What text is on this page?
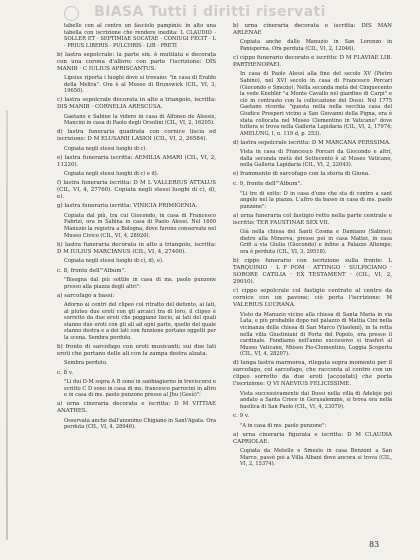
BIASA Tutti i diritti riservati

tabelle con al centro un fasciolo pampinis: in alto una tabella con iscrizione che rendere inedita: L CLAUDIO · SOLLER ET · SEPTIMIAE SOCATAE · CONIUGI FECIT · L · PRIUS LIBERIS · PULCHRIS · LIB · PRETI

b) lastra sepolcrale: la parte sin. è mutilata e decorata con una corona d'alloro; con parte l'iscrizione: DIS MANIB · C IULIUS APRISCANTUS.

Lipsius riporta i luoghi dove si trovano: "in casa di Eraldo della Meltra". Ora è al Museo di Brunswick (CIL, VI, 3, 19650).

c) lastra sepolcrale decorata in alto a triangolo, iscritta: DIS MANIB · CORNELIA ARESCUSA.

Gaetano e Sabine la videro in casa di Alfonso de Alessis, Mancini in casa di Paolo degli Orsolini (CIL, VI, 2, 16205).

d) lastra funeraria quadrata con cornice liscia ed iscrizione: D M ELUSANII LASIOI (CIL, VI, 2, 26584).

Copiata negli stessi luoghi di c).

e) lastra funeraria iscritta: AEMILIA AMARI (CIL, VI, 2, 11220).

Copiata negli stessi luoghi di c) e d).

f) lastra funeraria iscritta: D M L VALLERIUS ATTALUS (CIL, VI, 4, 27760). Copiata negli stessi luoghi di c), d), e).

g) lastra funeraria iscritta: VINICIA PRIMIGENIA.

Copiata dal più, tra cui Giocondo, in casa di Francesco Fabrizi, ora in Sabina in casa di Paolo Alessi. Nel 1600 Manuzio la registra a Bologna, dove furono conservate nel Museo Civico (CIL, VI, 4, 28920).

h) lastra funeraria decorata in alto a triangolo, iscritta: D M IULIUS MARCIANUS (CIL, VI, 4, 27400).

Copiata negli stessi luoghi di c), d), e).

c. 8, fronte dell'"Album".

"Bisogna dal più sottile in casa di ms. paolo punzone presso alla piazza degli altri":

a) sarcofago a bassi:

Adorno ai centri del clipeo col ritratto del defunto, ai lati, al pluteo due eroti con gli arcaici tra di loro, il clipeo è sorretto da due eroti che poggiano liscio, ai lati del quali stanno due eroti con gli ali ad ogni parte, quello del quale stanno destra e a dei lati con funzione portano oggetti per la scena. Sembra perduto.

b) fronte di sarcofago con eroti musicanti; sui due lati eroti che portano delle ali con la zampa destra alzata.

Sembra perduto.

c. 8 v.

"Li dui D·M sopra A B sono in sanbiagiorno in treviscorsi e scritto C D sono in casa di ms. francesco parrocini in altro e in casa di ms. paolo punzone presso al Jhu (Gesù)":

a) urna cineraria decorata e iscritta: D M VITTIAE ANATHES.

Osservata anche dall'anonimo Chigiano in Sant'Agata. Ora perduta (CIL, VI, 4, 28946).

b) urna cineraria decorata e iscritta: DIS MAN ARLENAE

Copiata anche dallo Manuzio in San Lorenzo in Panisperna. Ora perduta (CIL, VI, 2, 12046).

c) cippo funerario decorato e iscritto: D M FLAVIAE LIB. PARTHENOPAEI.

In casa di Paolo Alessi alla fine del secolo XV (Pietro Sabino), nel XVI secolo in casa di Francesco Porcari (Giocondo e Smezio). Nella seconda metà del Cinquecento la vede Knebler "a Monte Cavallo nel giardino di Carpi" e ciò in contrasto con la collocazione del Dossi. Nel 1775 Gaetano ricorda: "questa nella nella vecchia casa del Giudice Prosperi vicino a San Giovanni della Pigna, ora è stata collocata nel Museo Clementino in Vaticano" dove tuttora si trova nella Galleria Lapidaria (CIL, VI, 2, 17974; AMELUNG, I, n. 119 d, p. 253).

d) lastra sepolcrale iscritta: D M MARCANA PERSSIMA.

Vista in casa di Francesco Porcari da Giocondo e altri, dalla seconda metà del Settecento è al Museo Vaticano, nella Galleria Lapidaria (CIL, VI, 2, 22043).

e) frammento di sarcofago con la storia di Giona.

c. 9, fronte dell'"Album".

"Li tre di sotto: D in casa d'uno che sta di contro a sant angelo nel la piazza. L'altro da basso in casa di ms. paolo punzone":

a) urna funeraria col fastigio retto nella parte centrale e iscritto: TER FAUSTINAE SEX VII.

Già nella chiesa dei Santi Cosma e Damiano (Sabino); dietro alla Minerva, presso poi in casa Mattei, in casa Grifi a via Giulia (Giocondo) e infine a Palazzo Altemps; ora è perduta (CIL, VI, 3, 29518).

b) cippo funerario con iscrizione sulla fronte: L TARQUINIO · L F POM · ATTINGO · SULPICIANO · SORORE CATILIA · EX TESTAMENT · (CIL, VI, 2, 29010).

c) cippo sepolcrale col fastigio centrato al centro da cornice con un pavone; ciò porta l'iscrizione: M VALERIUS LUCRANA.

Visto da Manuzio vicino alla chiesa di Santa Maria in via Lata, e più probabile dopo nel palazzo di Mattia Cini nella vicinanza della chiesa di San Marco (Viaoleni), in fa retta nella villa Giustiniani di Porta del Popolo, ora presso il cardinale. Fondiamo nell'anno successivo si trasferì al Museo Vaticano, Museo Pio-Clementino, Loggia Scoperta (CIL, VI, 4, 28207).

d) lunga lastra marmorea, rilegata sopra momento per il sarcofago, col sarcofago, che racconta al centro con un clipeo sorretto da due eroti [accostati] che porta l'iscrizione: Q VI NAEVIUS FELICISSIME.

Vista successivamente dai Dossi nella villa di Adeleje poi andato a Santa Croce in Gerusalemme, si trova ora nella basilica di San Paolo (CIL, VI, 4, 23079).

c. 9 v.

"A in casa di ms. paolo punzone":

a) urna cineraria figurata e iscritta: D M CLAUDIA CAPRIOLAE.

Copiata da Metello e Smezio in casa Benzoni a San Marco, passò poi a Villa Albani dove ancora si trova (CIL, VI, 2, 15374).

83
